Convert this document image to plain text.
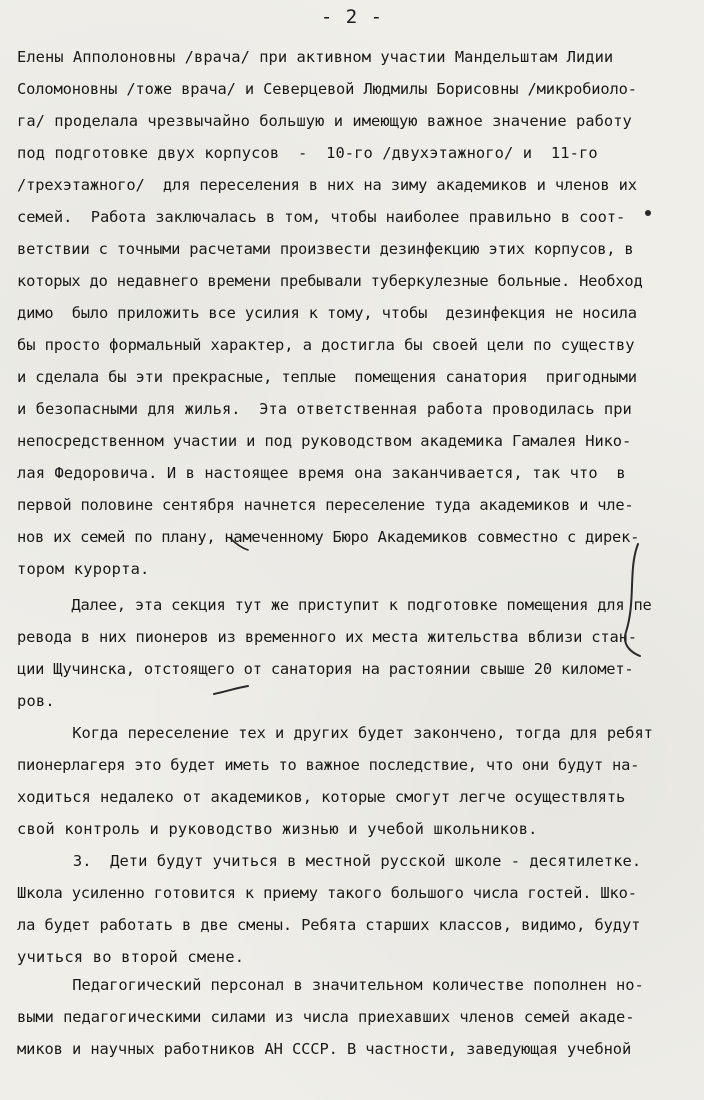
- 2 -
Елены Апполоновны /врача/ при активном участии Мандельштам Лидии
Соломоновны /тоже врача/ и Северцевой Людмилы Борисовны /микробиоло-
га/ проделала чрезвычайно большую и имеющую важное значение работу
под подготовке двух корпусов  -  10-го /двухэтажного/ и  11-го
/трехэтажного/  для переселения в них на зиму академиков и членов их
семей.  Работа заключалась в том, чтобы наиболее правильно в соот-
ветствии с точными расчетами произвести дезинфекцию этих корпусов, в
которых до недавнего времени пребывали туберкулезные больные. Необход
димо  было приложить все усилия к тому, чтобы  дезинфекция не носила
бы просто формальный характер, а достигла бы своей цели по существу
и сделала бы эти прекрасные, теплые  помещения санатория  пригодными
и безопасными для жилья.  Эта ответственная работа проводилась при
непосредственном участии и под руководством академика Гамалея Нико-
лая Федоровича. И в настоящее время она заканчивается, так что  в
первой половине сентября начнется переселение туда академиков и чле-
нов их семей по плану, намеченному Бюро Академиков совместно с дирек-
тором курорта.
Далее, эта секция тут же приступит к подготовке помещения для пе
ревода в них пионеров из временного их места жительства вблизи стан-
ции Щучинска, отстоящего от санатория на растоянии свыше 20 километ-
ров.
Когда переселение тех и других будет закончено, тогда для ребят
пионерлагеря это будет иметь то важное последствие, что они будут на-
ходиться недалеко от академиков, которые смогут легче осуществлять
свой контроль и руководство жизнью и учебой школьников.
3.  Дети будут учиться в местной русской школе - десятилетке.
Школа усиленно готовится к приему такого большого числа гостей. Шко-
ла будет работать в две смены. Ребята старших классов, видимо, будут
учиться во второй смене.
Педагогический персонал в значительном количестве пополнен но-
выми педагогическими силами из числа приехавших членов семей акаде-
миков и научных работников АН СССР. В частности, заведующая учебной
